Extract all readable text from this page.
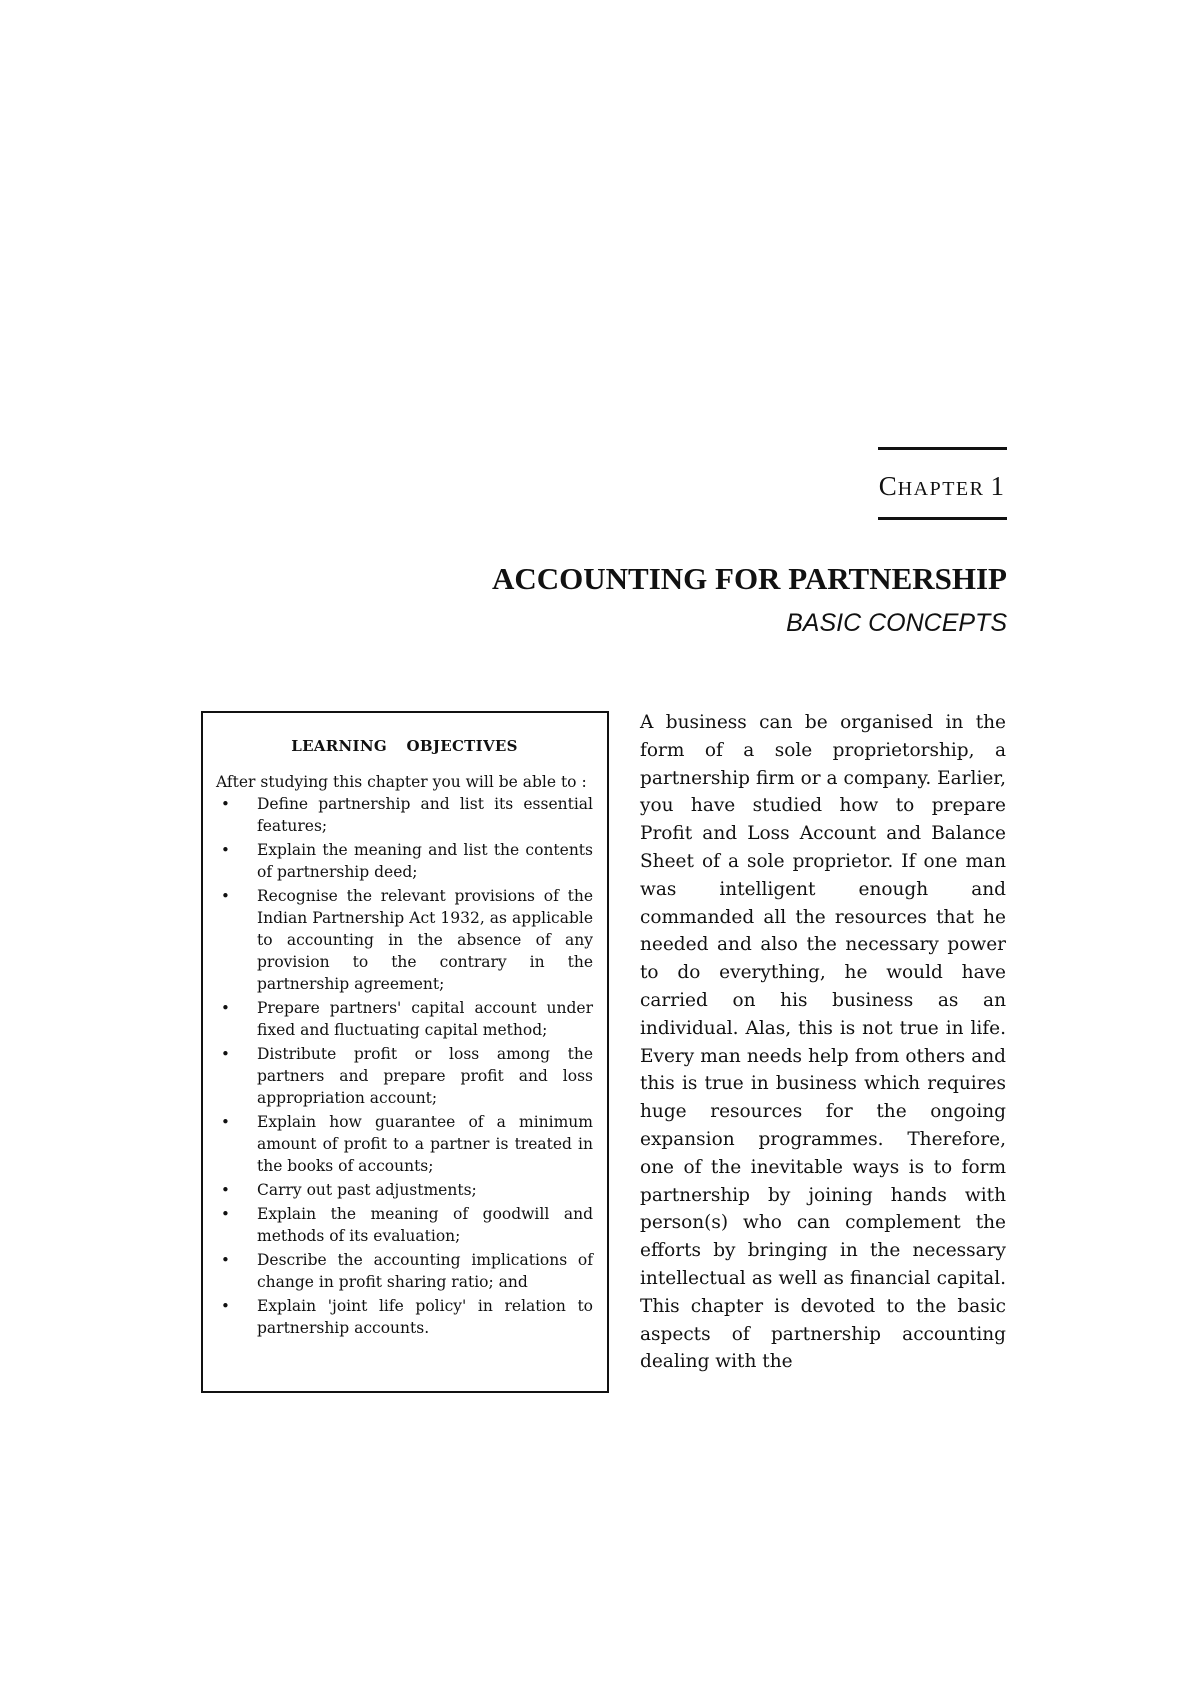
CHAPTER 1
ACCOUNTING FOR PARTNERSHIP
BASIC CONCEPTS
LEARNING OBJECTIVES

After studying this chapter you will be able to :

• Define partnership and list its essential features;
• Explain the meaning and list the contents of partnership deed;
• Recognise the relevant provisions of the Indian Partnership Act 1932, as applicable to accounting in the absence of any provision to the contrary in the partnership agreement;
• Prepare partners' capital account under fixed and fluctuating capital method;
• Distribute profit or loss among the partners and prepare profit and loss appropriation account;
• Explain how guarantee of a minimum amount of profit to a partner is treated in the books of accounts;
• Carry out past adjustments;
• Explain the meaning of goodwill and methods of its evaluation;
• Describe the accounting implications of change in profit sharing ratio; and
• Explain 'joint life policy' in relation to partnership accounts.

A business can be organised in the form of a sole proprietorship, a partnership firm or a company. Earlier, you have studied how to prepare Profit and Loss Account and Balance Sheet of a sole proprietor. If one man was intelligent enough and commanded all the resources that he needed and also the necessary power to do everything, he would have carried on his business as an individual. Alas, this is not true in life. Every man needs help from others and this is true in business which requires huge resources for the ongoing expansion programmes. Therefore, one of the inevitable ways is to form partnership by joining hands with person(s) who can complement the efforts by bringing in the necessary intellectual as well as financial capital. This chapter is devoted to the basic aspects of partnership accounting dealing with the
